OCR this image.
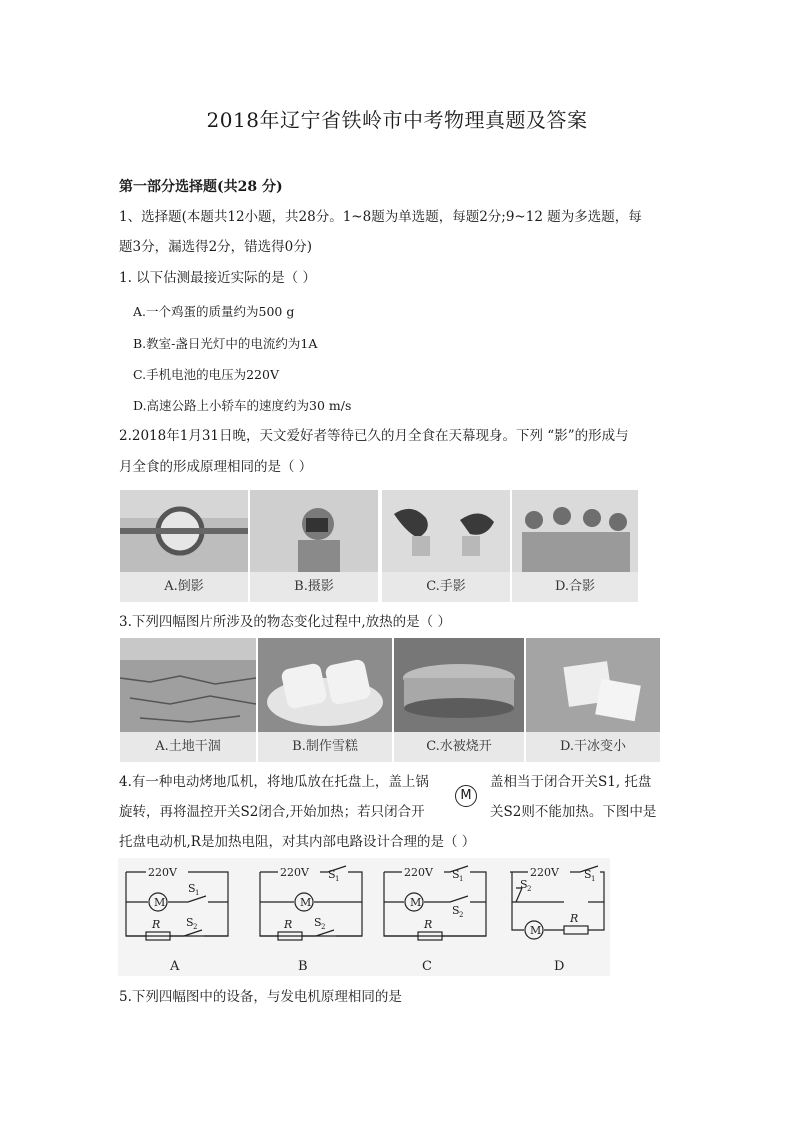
2018年辽宁省铁岭市中考物理真题及答案
第一部分选择题(共28 分)
1、选择题(本题共12小题，共28分。1~8题为单选题，每题2分;9~12 题为多选题，每
题3分，漏选得2分，错选得0分)
1. 以下估测最接近实际的是（ ）
A.一个鸡蛋的质量约为500 g
B.教室-盏日光灯中的电流约为1A
C.手机电池的电压为220V
D.高速公路上小轿车的速度约为30 m/s
2.2018年1月31日晚，天文爱好者等待已久的月全食在天幕现身。下列 “影”的形成与
月全食的形成原理相同的是（ ）
A.倒影	B.摄影	C.手影	D.合影
3.下列四幅图片所涉及的物态变化过程中,放热的是（ ）
A.土地干涸	B.制作雪糕	C.水被烧开	D.干冰变小
4.有一种电动烤地瓜机，将地瓜放在托盘上，盖上锅	盖相当于闭合开关S1, 托盘
M
旋转，再将温控开关S2闭合,开始加热；若只闭合开	关S2则不能加热。下图中是
托盘电动机,R是加热电阻，对其内部电路设计合理的是（ ）
220V
M
S 1
R S 2
A
220V
M
S 1
R S 2
B
220V
M
S 1
S 2
R
C
220V S 1
S 2
M
R
D
5.下列四幅图中的设备，与发电机原理相同的是
